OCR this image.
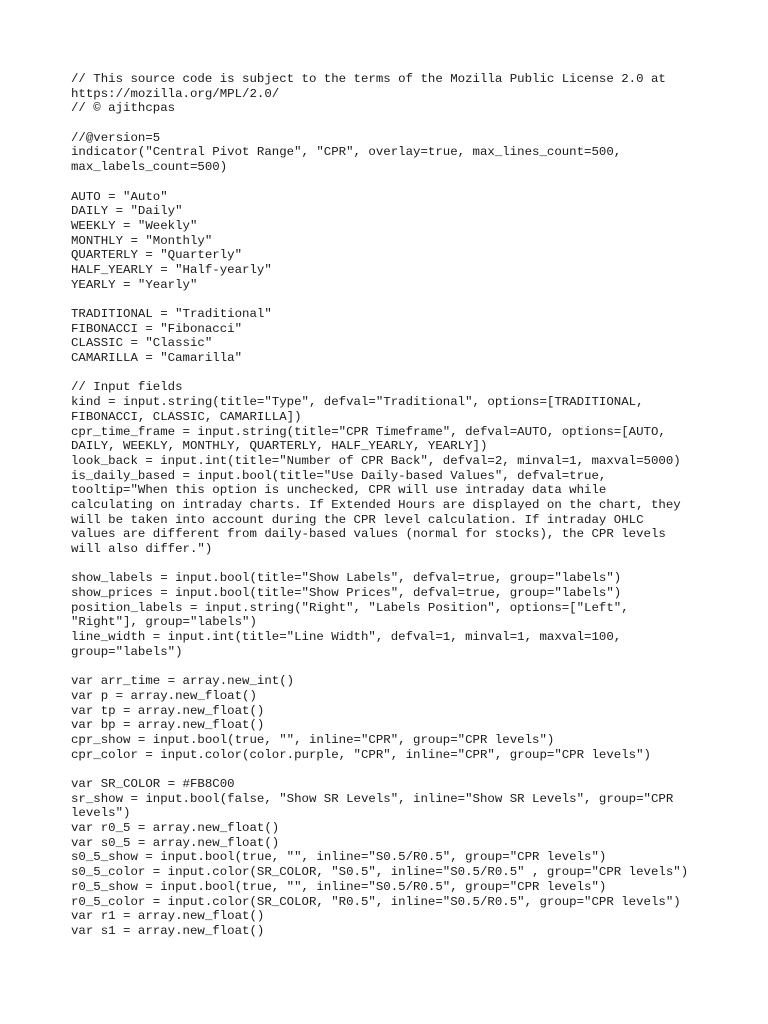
// This source code is subject to the terms of the Mozilla Public License 2.0 at
https://mozilla.org/MPL/2.0/
// © ajithcpas
//@version=5
indicator("Central Pivot Range", "CPR", overlay=true, max_lines_count=500,
max_labels_count=500)
AUTO = "Auto"
DAILY = "Daily"
WEEKLY = "Weekly"
MONTHLY = "Monthly"
QUARTERLY = "Quarterly"
HALF_YEARLY = "Half-yearly"
YEARLY = "Yearly"
TRADITIONAL = "Traditional"
FIBONACCI = "Fibonacci"
CLASSIC = "Classic"
CAMARILLA = "Camarilla"
// Input fields
kind = input.string(title="Type", defval="Traditional", options=[TRADITIONAL,
FIBONACCI, CLASSIC, CAMARILLA])
cpr_time_frame = input.string(title="CPR Timeframe", defval=AUTO, options=[AUTO,
DAILY, WEEKLY, MONTHLY, QUARTERLY, HALF_YEARLY, YEARLY])
look_back = input.int(title="Number of CPR Back", defval=2, minval=1, maxval=5000)
is_daily_based = input.bool(title="Use Daily-based Values", defval=true,
tooltip="When this option is unchecked, CPR will use intraday data while
calculating on intraday charts. If Extended Hours are displayed on the chart, they
will be taken into account during the CPR level calculation. If intraday OHLC
values are different from daily-based values (normal for stocks), the CPR levels
will also differ.")
show_labels = input.bool(title="Show Labels", defval=true, group="labels")
show_prices = input.bool(title="Show Prices", defval=true, group="labels")
position_labels = input.string("Right", "Labels Position", options=["Left",
"Right"], group="labels")
line_width = input.int(title="Line Width", defval=1, minval=1, maxval=100,
group="labels")
var arr_time = array.new_int()
var p = array.new_float()
var tp = array.new_float()
var bp = array.new_float()
cpr_show = input.bool(true, "", inline="CPR", group="CPR levels")
cpr_color = input.color(color.purple, "CPR", inline="CPR", group="CPR levels")
var SR_COLOR = #FB8C00
sr_show = input.bool(false, "Show SR Levels", inline="Show SR Levels", group="CPR
levels")
var r0_5 = array.new_float()
var s0_5 = array.new_float()
s0_5_show = input.bool(true, "", inline="S0.5/R0.5", group="CPR levels")
s0_5_color = input.color(SR_COLOR, "S0.5", inline="S0.5/R0.5" , group="CPR levels")
r0_5_show = input.bool(true, "", inline="S0.5/R0.5", group="CPR levels")
r0_5_color = input.color(SR_COLOR, "R0.5", inline="S0.5/R0.5", group="CPR levels")
var r1 = array.new_float()
var s1 = array.new_float()
